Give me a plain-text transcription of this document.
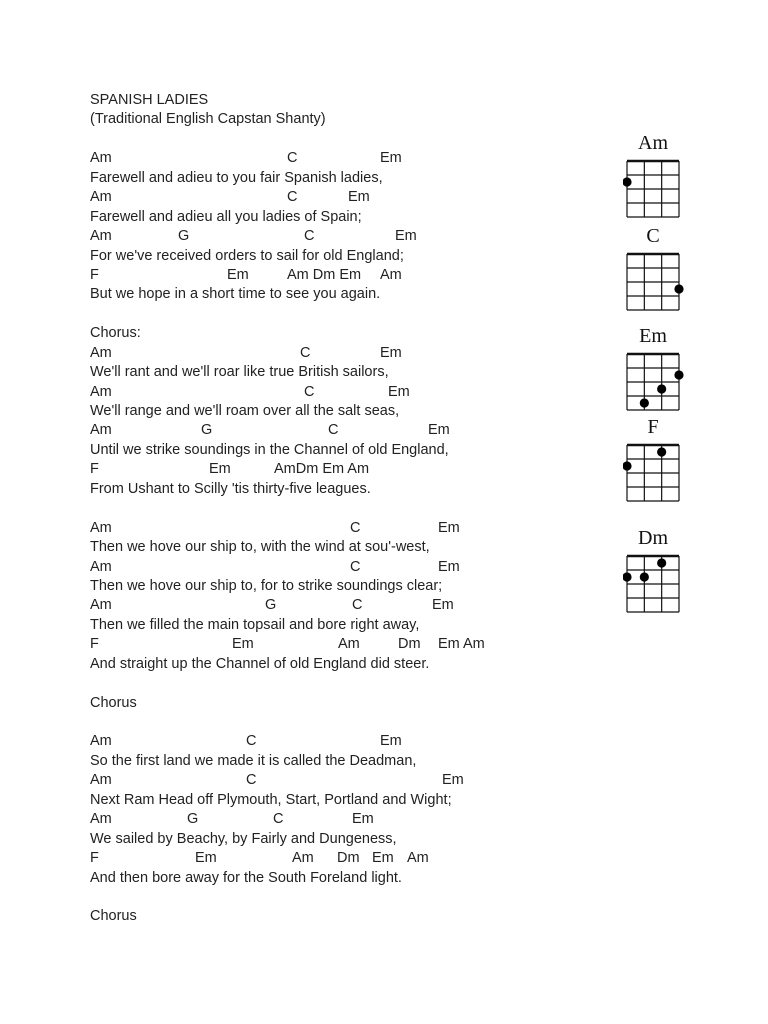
SPANISH LADIES
(Traditional English Capstan Shanty)
Am	C	Em
Farewell and adieu to you fair Spanish ladies,
Am	C	Em
Farewell and adieu all you ladies of Spain;
Am	G	C	Em
For we've received orders to sail for old England;
F	Em	Am Dm Em Am
But we hope in a short time to see you again.
Chorus:
Am	C	Em
We'll rant and we'll roar like true British sailors,
Am	C	Em
We'll range and we'll roam over all the salt seas,
Am	G	C	Em
Until we strike soundings in the Channel of old England,
F	Em	AmDm Em Am
From Ushant to Scilly 'tis thirty-five leagues.
Am	C	Em
Then we hove our ship to, with the wind at sou'-west,
Am	C	Em
Then we hove our ship to, for to strike soundings clear;
Am	G	C	Em
Then we filled the main topsail and bore right away,
F	Em	Am	Dm Em Am
And straight up the Channel of old England did steer.
Chorus
Am	C	Em
So the first land we made it is called the Deadman,
Am	C	Em
Next Ram Head off Plymouth, Start, Portland and Wight;
Am	G	C	Em
We sailed by Beachy, by Fairly and Dungeness,
F	Em	Am Dm Em Am
And then bore away for the South Foreland light.
Chorus
Am
C
Em
F
Dm
